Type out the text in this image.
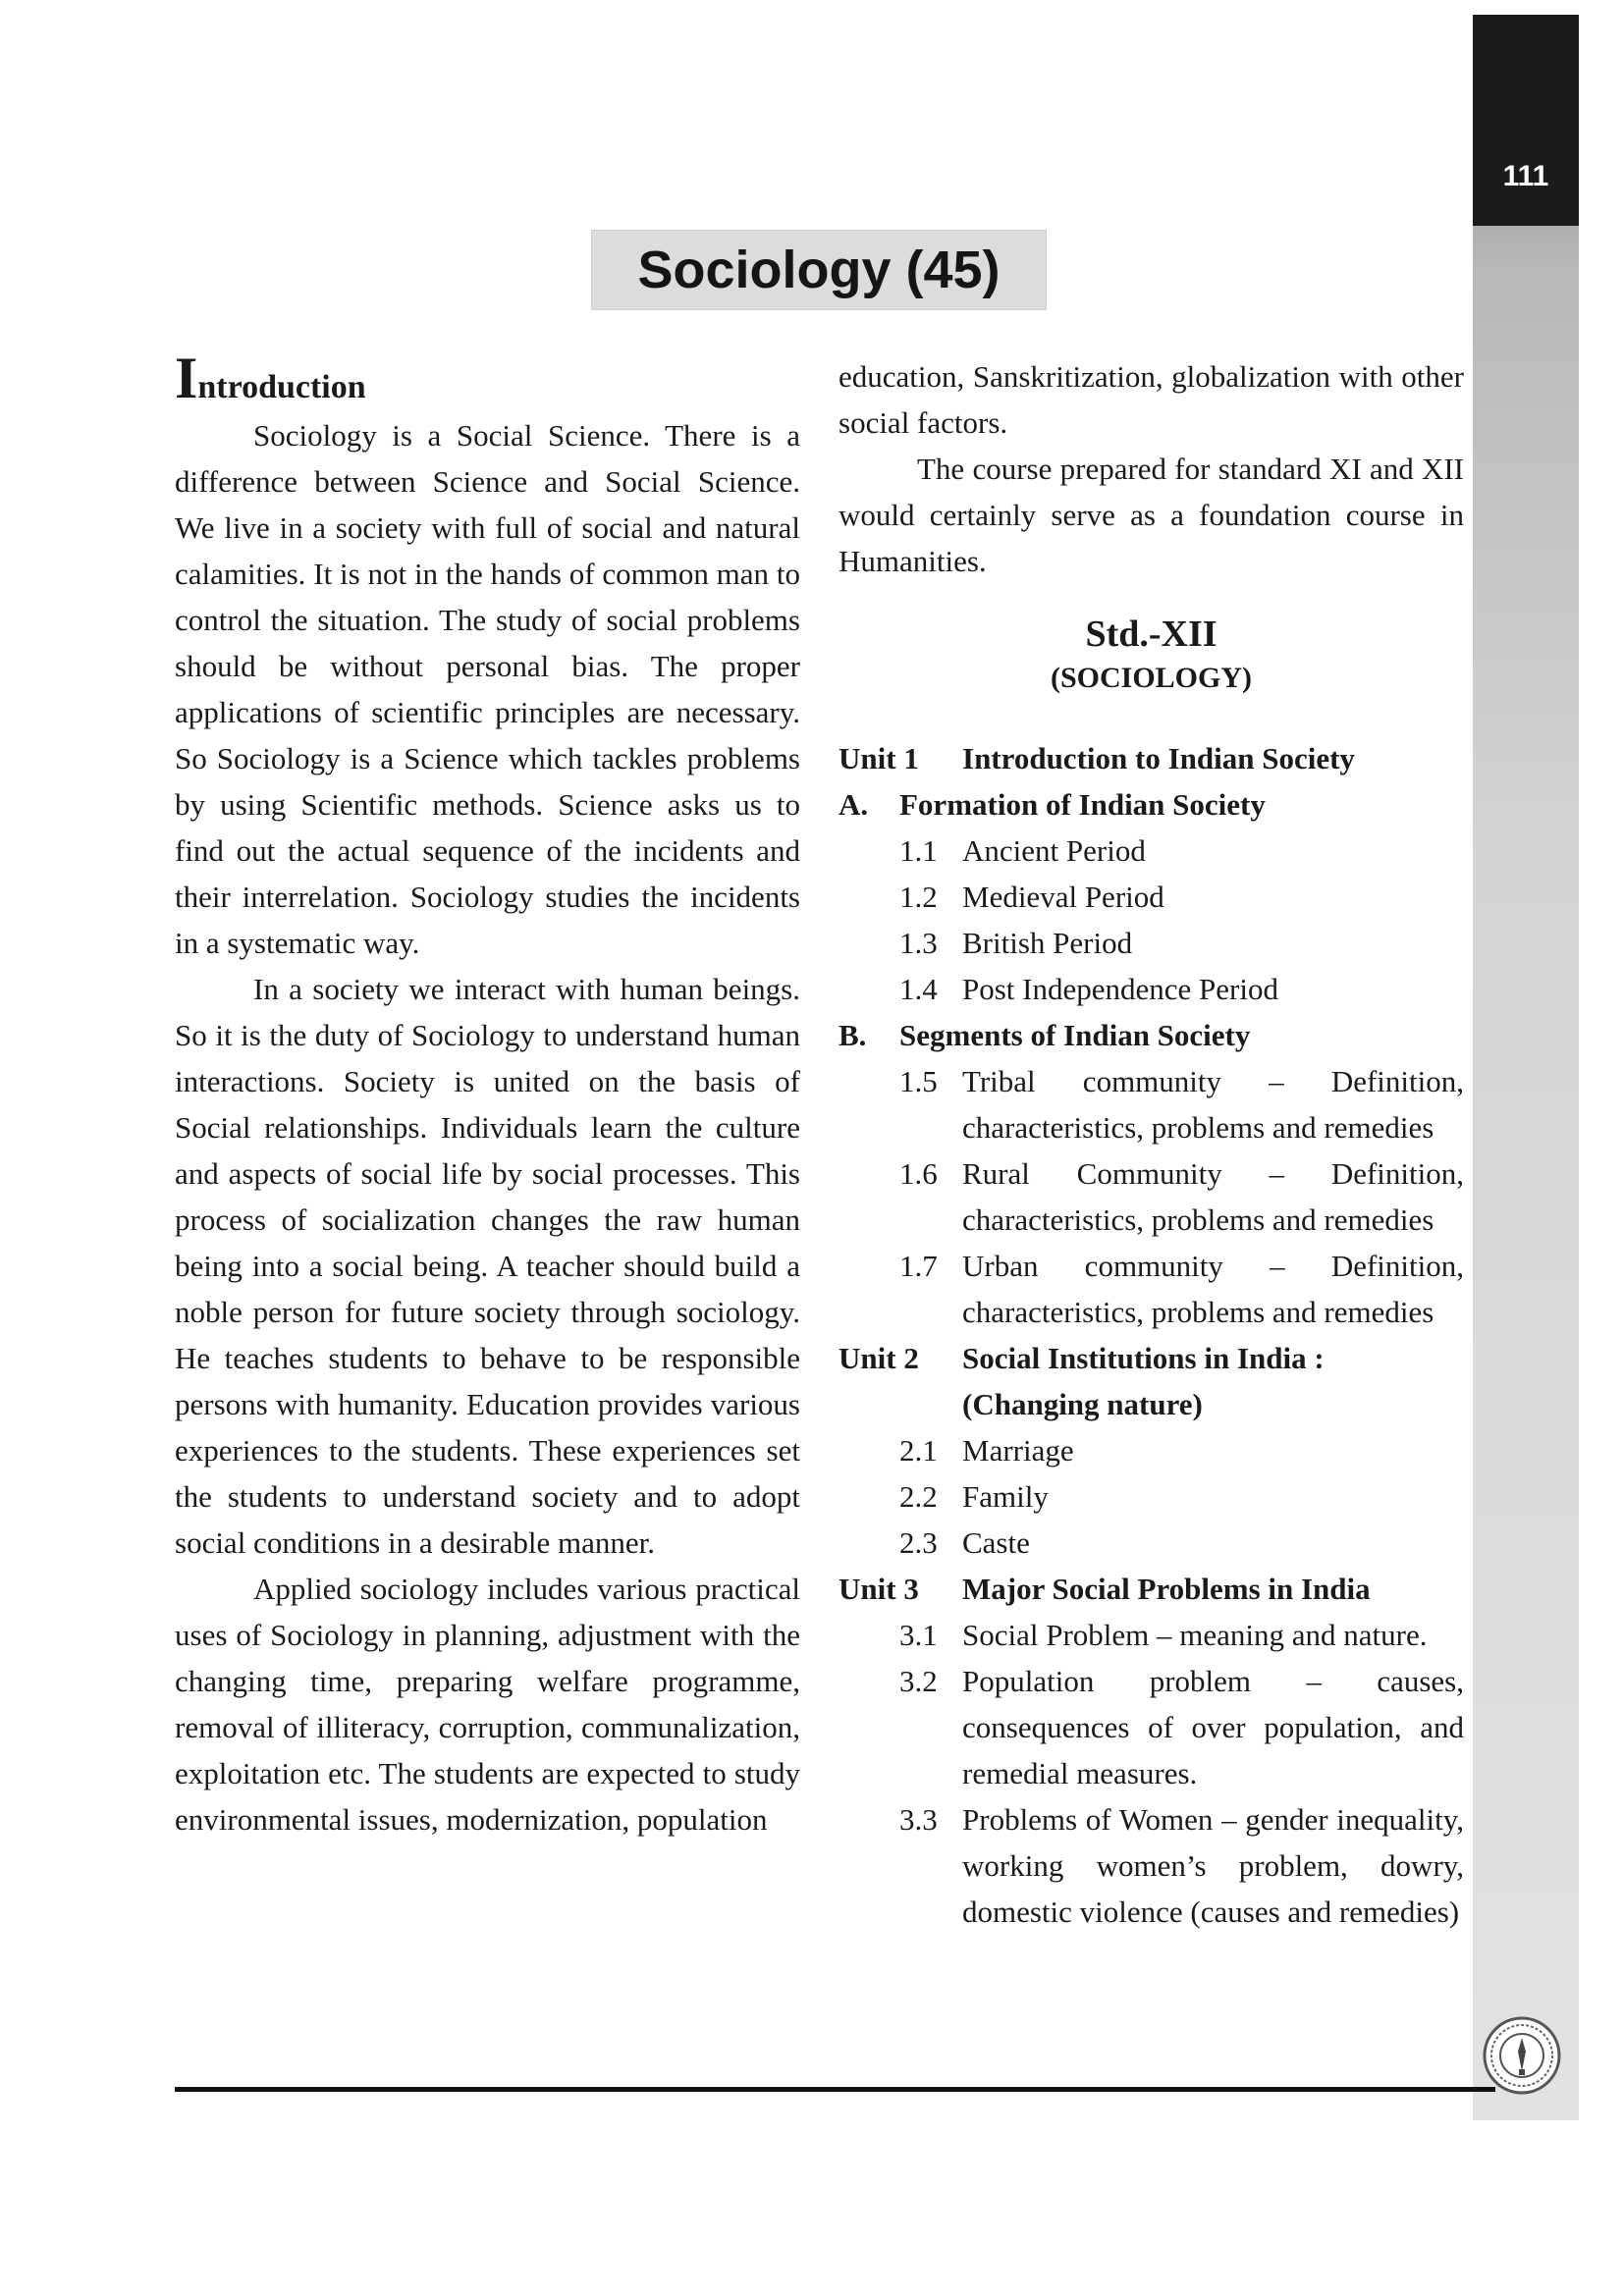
111
Sociology (45)
Introduction

Sociology is a Social Science. There is a difference between Science and Social Science. We live in a society with full of social and natural calamities. It is not in the hands of common man to control the situation. The study of social problems should be without personal bias. The proper applications of scientific principles are necessary. So Sociology is a Science which tackles problems by using Scientific methods. Science asks us to find out the actual sequence of the incidents and their interrelation. Sociology studies the incidents in a systematic way.

In a society we interact with human beings. So it is the duty of Sociology to understand human interactions. Society is united on the basis of Social relationships. Individuals learn the culture and aspects of social life by social processes. This process of socialization changes the raw human being into a social being. A teacher should build a noble person for future society through sociology. He teaches students to behave to be responsible persons with humanity. Education provides various experiences to the students. These experiences set the students to understand society and to adopt social conditions in a desirable manner.

Applied sociology includes various practical uses of Sociology in planning, adjustment with the changing time, preparing welfare programme, removal of illiteracy, corruption, communalization, exploitation etc. The students are expected to study environmental issues, modernization, population

education, Sanskritization, globalization with other social factors.

The course prepared for standard XI and XII would certainly serve as a foundation course in Humanities.

Std.-XII
(SOCIOLOGY)
Unit 1	Introduction to Indian Society
A.	Formation of Indian Society
1.1 Ancient Period
1.2 Medieval Period
1.3 British Period
1.4 Post Independence Period
B.	Segments of Indian Society
1.5 Tribal community – Definition, characteristics, problems and remedies
1.6 Rural Community – Definition, characteristics, problems and remedies
1.7 Urban community – Definition, characteristics, problems and remedies
Unit 2	Social Institutions in India : (Changing nature)
2.1 Marriage
2.2 Family
2.3 Caste
Unit 3	Major Social Problems in India
3.1 Social Problem – meaning and nature.
3.2 Population problem – causes, consequences of over population, and remedial measures.
3.3 Problems of Women – gender inequality, working women’s problem, dowry, domestic violence (causes and remedies)
